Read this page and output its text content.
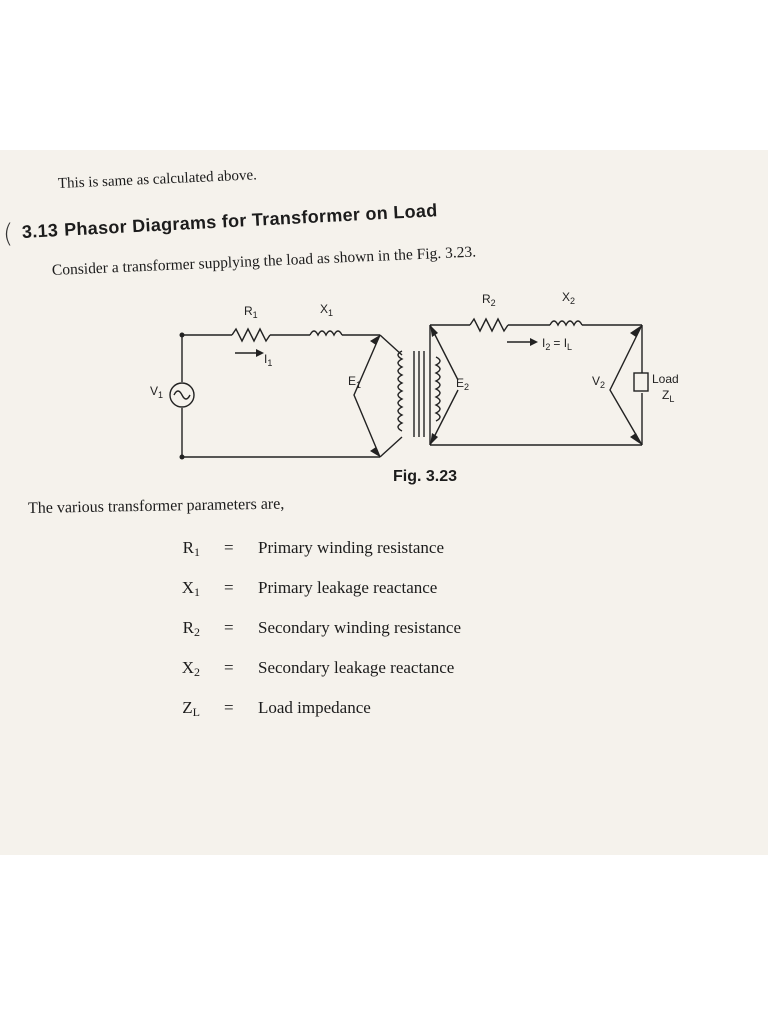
This is same as calculated above.
( 3.13 Phasor Diagrams for Transformer on Load
Consider a transformer supplying the load as shown in the Fig. 3.23.
$R_1$	$X_1$
$I_1$
$V_1$
$E_1$	$E_2$
$R_2$	$X_2$
$I_2 = I_L$
$V_2$	Load
$Z_L$
Fig. 3.23
The various transformer parameters are,
$R_1$ = Primary winding resistance
$X_1$ = Primary leakage reactance
$R_2$ = Secondary winding resistance
$X_2$ = Secondary leakage reactance
$Z_L$ = Load impedance
